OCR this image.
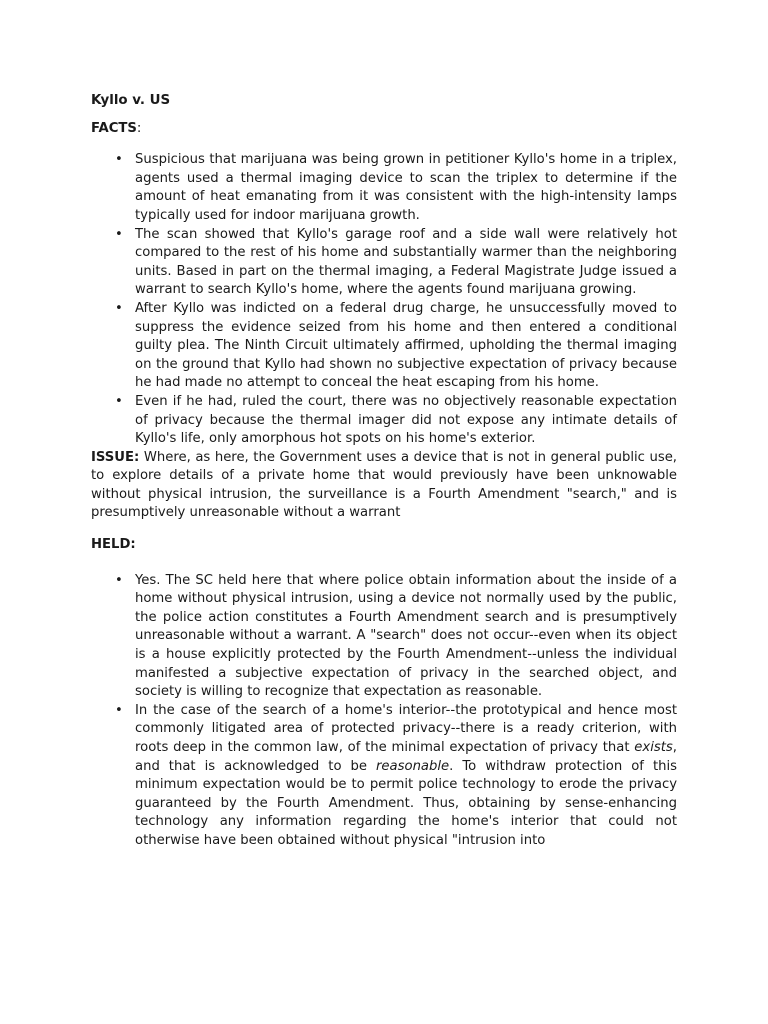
Kyllo v. US

FACTS:

• Suspicious that marijuana was being grown in petitioner Kyllo's home in a triplex, agents used a thermal imaging device to scan the triplex to determine if the amount of heat emanating from it was consistent with the high-intensity lamps typically used for indoor marijuana growth.
• The scan showed that Kyllo's garage roof and a side wall were relatively hot compared to the rest of his home and substantially warmer than the neighboring units. Based in part on the thermal imaging, a Federal Magistrate Judge issued a warrant to search Kyllo's home, where the agents found marijuana growing.
• After Kyllo was indicted on a federal drug charge, he unsuccessfully moved to suppress the evidence seized from his home and then entered a conditional guilty plea. The Ninth Circuit ultimately affirmed, upholding the thermal imaging on the ground that Kyllo had shown no subjective expectation of privacy because he had made no attempt to conceal the heat escaping from his home.
• Even if he had, ruled the court, there was no objectively reasonable expectation of privacy because the thermal imager did not expose any intimate details of Kyllo's life, only amorphous hot spots on his home's exterior.

ISSUE: Where, as here, the Government uses a device that is not in general public use, to explore details of a private home that would previously have been unknowable without physical intrusion, the surveillance is a Fourth Amendment "search," and is presumptively unreasonable without a warrant

HELD:

• Yes. The SC held here that where police obtain information about the inside of a home without physical intrusion, using a device not normally used by the public, the police action constitutes a Fourth Amendment search and is presumptively unreasonable without a warrant. A "search" does not occur--even when its object is a house explicitly protected by the Fourth Amendment--unless the individual manifested a subjective expectation of privacy in the searched object, and society is willing to recognize that expectation as reasonable.
• In the case of the search of a home's interior--the prototypical and hence most commonly litigated area of protected privacy--there is a ready criterion, with roots deep in the common law, of the minimal expectation of privacy that exists, and that is acknowledged to be reasonable. To withdraw protection of this minimum expectation would be to permit police technology to erode the privacy guaranteed by the Fourth Amendment. Thus, obtaining by sense-enhancing technology any information regarding the home's interior that could not otherwise have been obtained without physical "intrusion into
